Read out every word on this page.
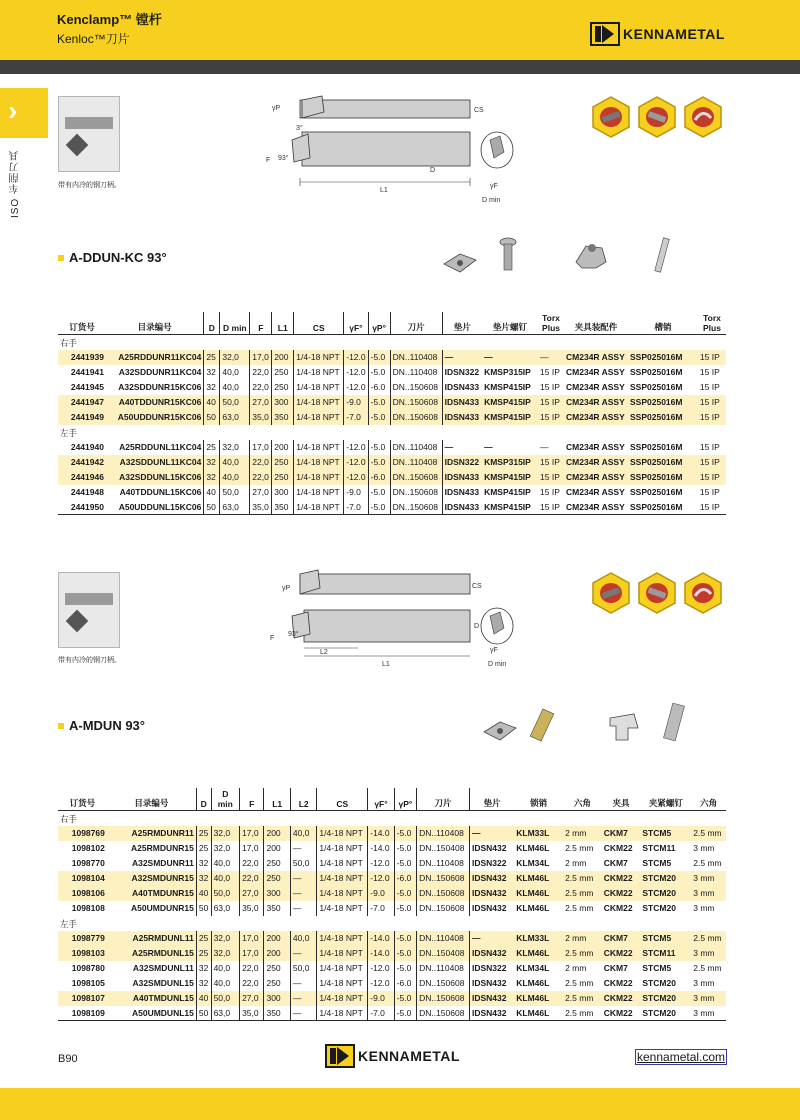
Kenclamp™ 镗杆
Kenloc™刀片	KENNAMETAL
›
ISO 车削刀具	带有内冷的钢刀柄。
γP	CS
3°
F 93°
D
L1
γF
D min
A-DDUN-KC 93°
订货号	目录编号	D	D min	F	L1	CS	γF°	γP°	刀片	垫片	垫片螺钉	Torx Plus	夹具装配件	槽销	Torx Plus
右手															
2441939	A25RDDUNR11KC04	25	32,0	17,0	200	1/4-18 NPT	-12.0	-5.0	DN..110408	—	—	—	CM234R ASSY	SSP025016M	15 IP
2441941	A32SDDUNR11KC04	32	40,0	22,0	250	1/4-18 NPT	-12.0	-5.0	DN..110408	IDSN322	KMSP315IP	15 IP	CM234R ASSY	SSP025016M	15 IP
2441945	A32SDDUNR15KC06	32	40,0	22,0	250	1/4-18 NPT	-12.0	-6.0	DN..150608	IDSN433	KMSP415IP	15 IP	CM234R ASSY	SSP025016M	15 IP
2441947	A40TDDUNR15KC06	40	50,0	27,0	300	1/4-18 NPT	-9.0	-5.0	DN..150608	IDSN433	KMSP415IP	15 IP	CM234R ASSY	SSP025016M	15 IP
2441949	A50UDDUNR15KC06	50	63,0	35,0	350	1/4-18 NPT	-7.0	-5.0	DN..150608	IDSN433	KMSP415IP	15 IP	CM234R ASSY	SSP025016M	15 IP
左手															
2441940	A25RDDUNL11KC04	25	32,0	17,0	200	1/4-18 NPT	-12.0	-5.0	DN..110408	—	—	—	CM234R ASSY	SSP025016M	15 IP
2441942	A32SDDUNL11KC04	32	40,0	22,0	250	1/4-18 NPT	-12.0	-5.0	DN..110408	IDSN322	KMSP315IP	15 IP	CM234R ASSY	SSP025016M	15 IP
2441946	A32SDDUNL15KC06	32	40,0	22,0	250	1/4-18 NPT	-12.0	-6.0	DN..150608	IDSN433	KMSP415IP	15 IP	CM234R ASSY	SSP025016M	15 IP
2441948	A40TDDUNL15KC06	40	50,0	27,0	300	1/4-18 NPT	-9.0	-5.0	DN..150608	IDSN433	KMSP415IP	15 IP	CM234R ASSY	SSP025016M	15 IP
2441950	A50UDDUNL15KC06	50	63,0	35,0	350	1/4-18 NPT	-7.0	-5.0	DN..150608	IDSN433	KMSP415IP	15 IP	CM234R ASSY	SSP025016M	15 IP
带有内冷的钢刀柄。
γP	CS
F
93°
L2
L1
D
γF
D min
A-MDUN 93°
订货号	目录编号	D	D min	F	L1	L2	CS	γF°	γP°	刀片	垫片	锁销	六角	夹具	夹紧螺钉	六角
右手																
1098769	A25RMDUNR11	25	32,0	17,0	200	40,0	1/4-18 NPT	-14.0	-5.0	DN..110408	—	KLM33L	2 mm	CKM7	STCM5	2.5 mm
1098102	A25RMDUNR15	25	32,0	17,0	200	—	1/4-18 NPT	-14.0	-5.0	DN..150408	IDSN432	KLM46L	2.5 mm	CKM22	STCM11	3 mm
1098770	A32SMDUNR11	32	40,0	22,0	250	50,0	1/4-18 NPT	-12.0	-5.0	DN..110408	IDSN322	KLM34L	2 mm	CKM7	STCM5	2.5 mm
1098104	A32SMDUNR15	32	40,0	22,0	250	—	1/4-18 NPT	-12.0	-6.0	DN..150608	IDSN432	KLM46L	2.5 mm	CKM22	STCM20	3 mm
1098106	A40TMDUNR15	40	50,0	27,0	300	—	1/4-18 NPT	-9.0	-5.0	DN..150608	IDSN432	KLM46L	2.5 mm	CKM22	STCM20	3 mm
1098108	A50UMDUNR15	50	63,0	35,0	350	—	1/4-18 NPT	-7.0	-5.0	DN..150608	IDSN432	KLM46L	2.5 mm	CKM22	STCM20	3 mm
左手																
1098779	A25RMDUNL11	25	32,0	17,0	200	40,0	1/4-18 NPT	-14.0	-5.0	DN..110408	—	KLM33L	2 mm	CKM7	STCM5	2.5 mm
1098103	A25RMDUNL15	25	32,0	17,0	200	—	1/4-18 NPT	-14.0	-5.0	DN..150408	IDSN432	KLM46L	2.5 mm	CKM22	STCM11	3 mm
1098780	A32SMDUNL11	32	40,0	22,0	250	50,0	1/4-18 NPT	-12.0	-5.0	DN..110408	IDSN322	KLM34L	2 mm	CKM7	STCM5	2.5 mm
1098105	A32SMDUNL15	32	40,0	22,0	250	—	1/4-18 NPT	-12.0	-6.0	DN..150608	IDSN432	KLM46L	2.5 mm	CKM22	STCM20	3 mm
1098107	A40TMDUNL15	40	50,0	27,0	300	—	1/4-18 NPT	-9.0	-5.0	DN..150608	IDSN432	KLM46L	2.5 mm	CKM22	STCM20	3 mm
1098109	A50UMDUNL15	50	63,0	35,0	350	—	1/4-18 NPT	-7.0	-5.0	DN..150608	IDSN432	KLM46L	2.5 mm	CKM22	STCM20	3 mm
B90	KENNAMETAL	kennametal.com
